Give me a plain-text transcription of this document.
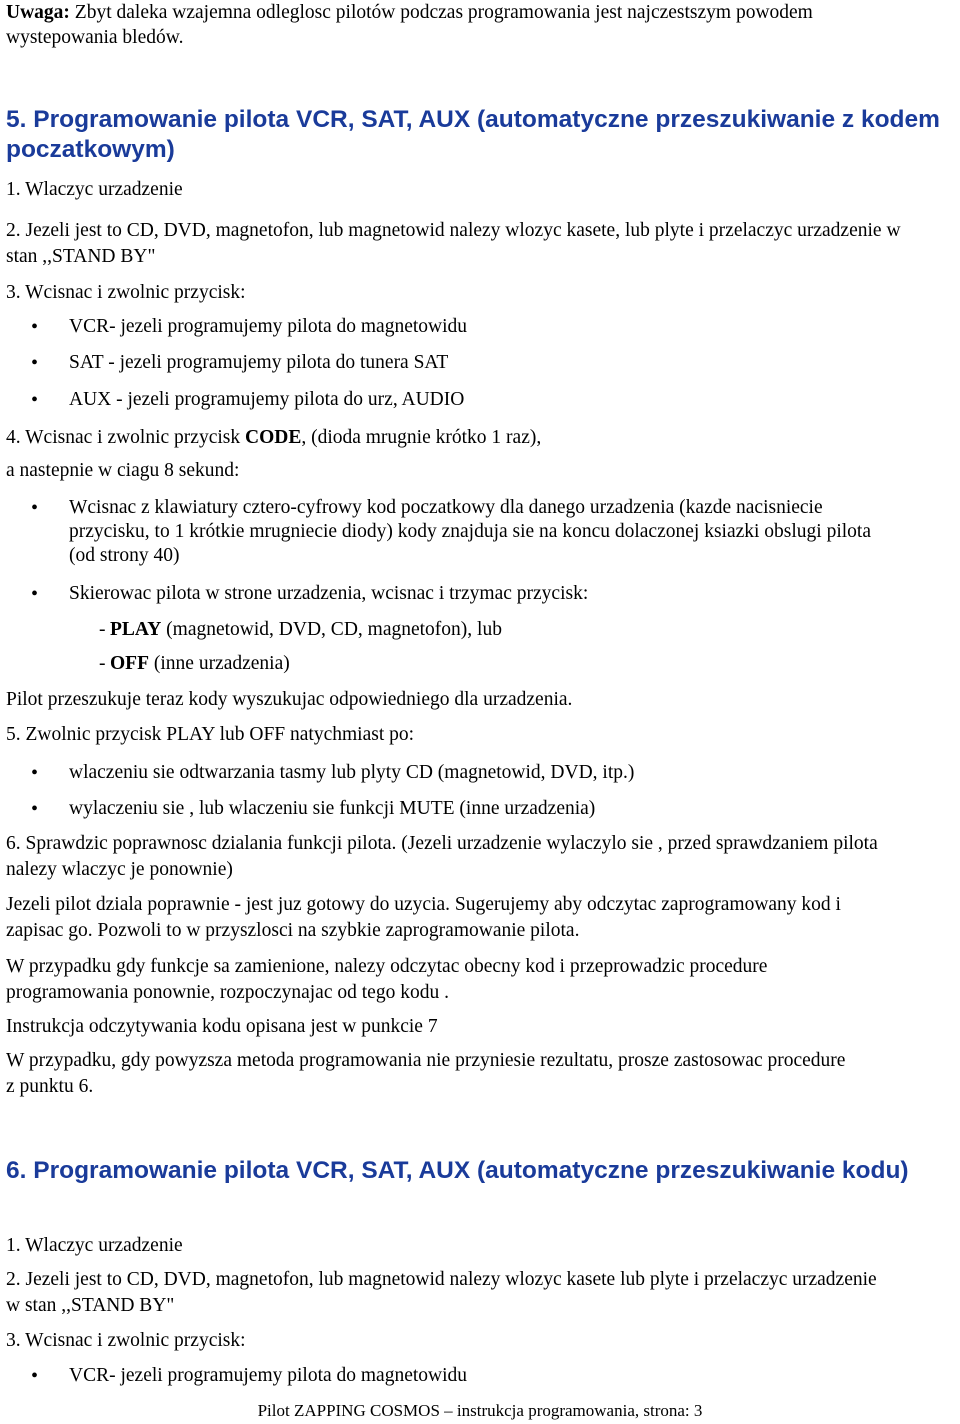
Uwaga: Zbyt daleka wzajemna odleglosc pilotów podczas programowania jest najczestszym powodem wystepowania bledów.

5. Programowanie pilota VCR, SAT, AUX (automatyczne przeszukiwanie z kodem poczatkowym)

1. Wlaczyc urzadzenie

2. Jezeli jest to CD, DVD, magnetofon, lub magnetowid nalezy wlozyc kasete, lub plyte i przelaczyc urzadzenie w stan ,,STAND BY"

3. Wcisnac i zwolnic przycisk:

• VCR- jezeli programujemy pilota do magnetowidu
• SAT - jezeli programujemy pilota do tunera SAT
• AUX - jezeli programujemy pilota do urz, AUDIO

4. Wcisnac i zwolnic przycisk CODE, (dioda mrugnie krótko 1 raz),

a nastepnie w ciagu 8 sekund:

• Wcisnac z klawiatury cztero-cyfrowy kod poczatkowy dla danego urzadzenia (kazde nacisniecie przycisku, to 1 krótkie mrugniecie diody) kody znajduja sie na koncu dolaczonej ksiazki obslugi pilota (od strony 40)
• Skierowac pilota w strone urzadzenia, wcisnac i trzymac przycisk:
- PLAY (magnetowid, DVD, CD, magnetofon), lub
- OFF (inne urzadzenia)

Pilot przeszukuje teraz kody wyszukujac odpowiedniego dla urzadzenia.

5. Zwolnic przycisk PLAY lub OFF natychmiast po:

• wlaczeniu sie odtwarzania tasmy lub plyty CD (magnetowid, DVD, itp.)
• wylaczeniu sie , lub wlaczeniu sie funkcji MUTE (inne urzadzenia)

6. Sprawdzic poprawnosc dzialania funkcji pilota. (Jezeli urzadzenie wylaczylo sie , przed sprawdzaniem pilota nalezy wlaczyc je ponownie)

Jezeli pilot dziala poprawnie - jest juz gotowy do uzycia. Sugerujemy aby odczytac zaprogramowany kod i zapisac go. Pozwoli to w przyszlosci na szybkie zaprogramowanie pilota.

W przypadku gdy funkcje sa zamienione, nalezy odczytac obecny kod i przeprowadzic procedure programowania ponownie, rozpoczynajac od tego kodu .

Instrukcja odczytywania kodu opisana jest w punkcie 7

W przypadku, gdy powyzsza metoda programowania nie przyniesie rezultatu, prosze zastosowac procedure z punktu 6.

6. Programowanie pilota VCR, SAT, AUX (automatyczne przeszukiwanie kodu)

1. Wlaczyc urzadzenie

2. Jezeli jest to CD, DVD, magnetofon, lub magnetowid nalezy wlozyc kasete lub plyte i przelaczyc urzadzenie w stan ,,STAND BY"

3. Wcisnac i zwolnic przycisk:

• VCR- jezeli programujemy pilota do magnetowidu
Pilot ZAPPING COSMOS – instrukcja programowania, strona: 3
